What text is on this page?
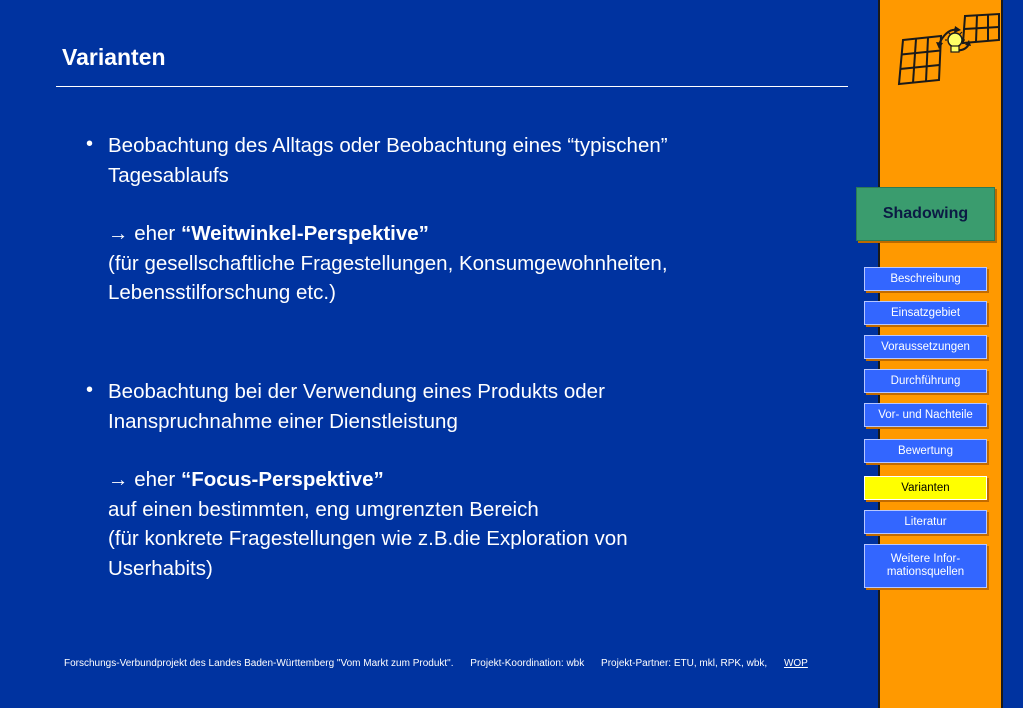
Varianten
• Beobachtung des Alltags oder Beobachtung eines “typischen”
Tagesablaufs
→ eher “Weitwinkel-Perspektive”
(für gesellschaftliche Fragestellungen, Konsumgewohnheiten,
Lebensstilforschung etc.)
• Beobachtung bei der Verwendung eines Produkts oder
Inanspruchnahme einer Dienstleistung
→ eher “Focus-Perspektive”
auf einen bestimmten, eng umgrenzten Bereich
(für konkrete Fragestellungen wie z.B.die Exploration von
Userhabits)
Forschungs-Verbundprojekt des Landes Baden-Württemberg "Vom Markt zum Produkt". Projekt-Koordination: wbk Projekt-Partner: ETU, mkl, RPK, wbk, WOP
Shadowing
Beschreibung
Einsatzgebiet
Voraussetzungen
Durchführung
Vor- und Nachteile
Bewertung
Varianten
Literatur
Weitere Infor-
mationsquellen
